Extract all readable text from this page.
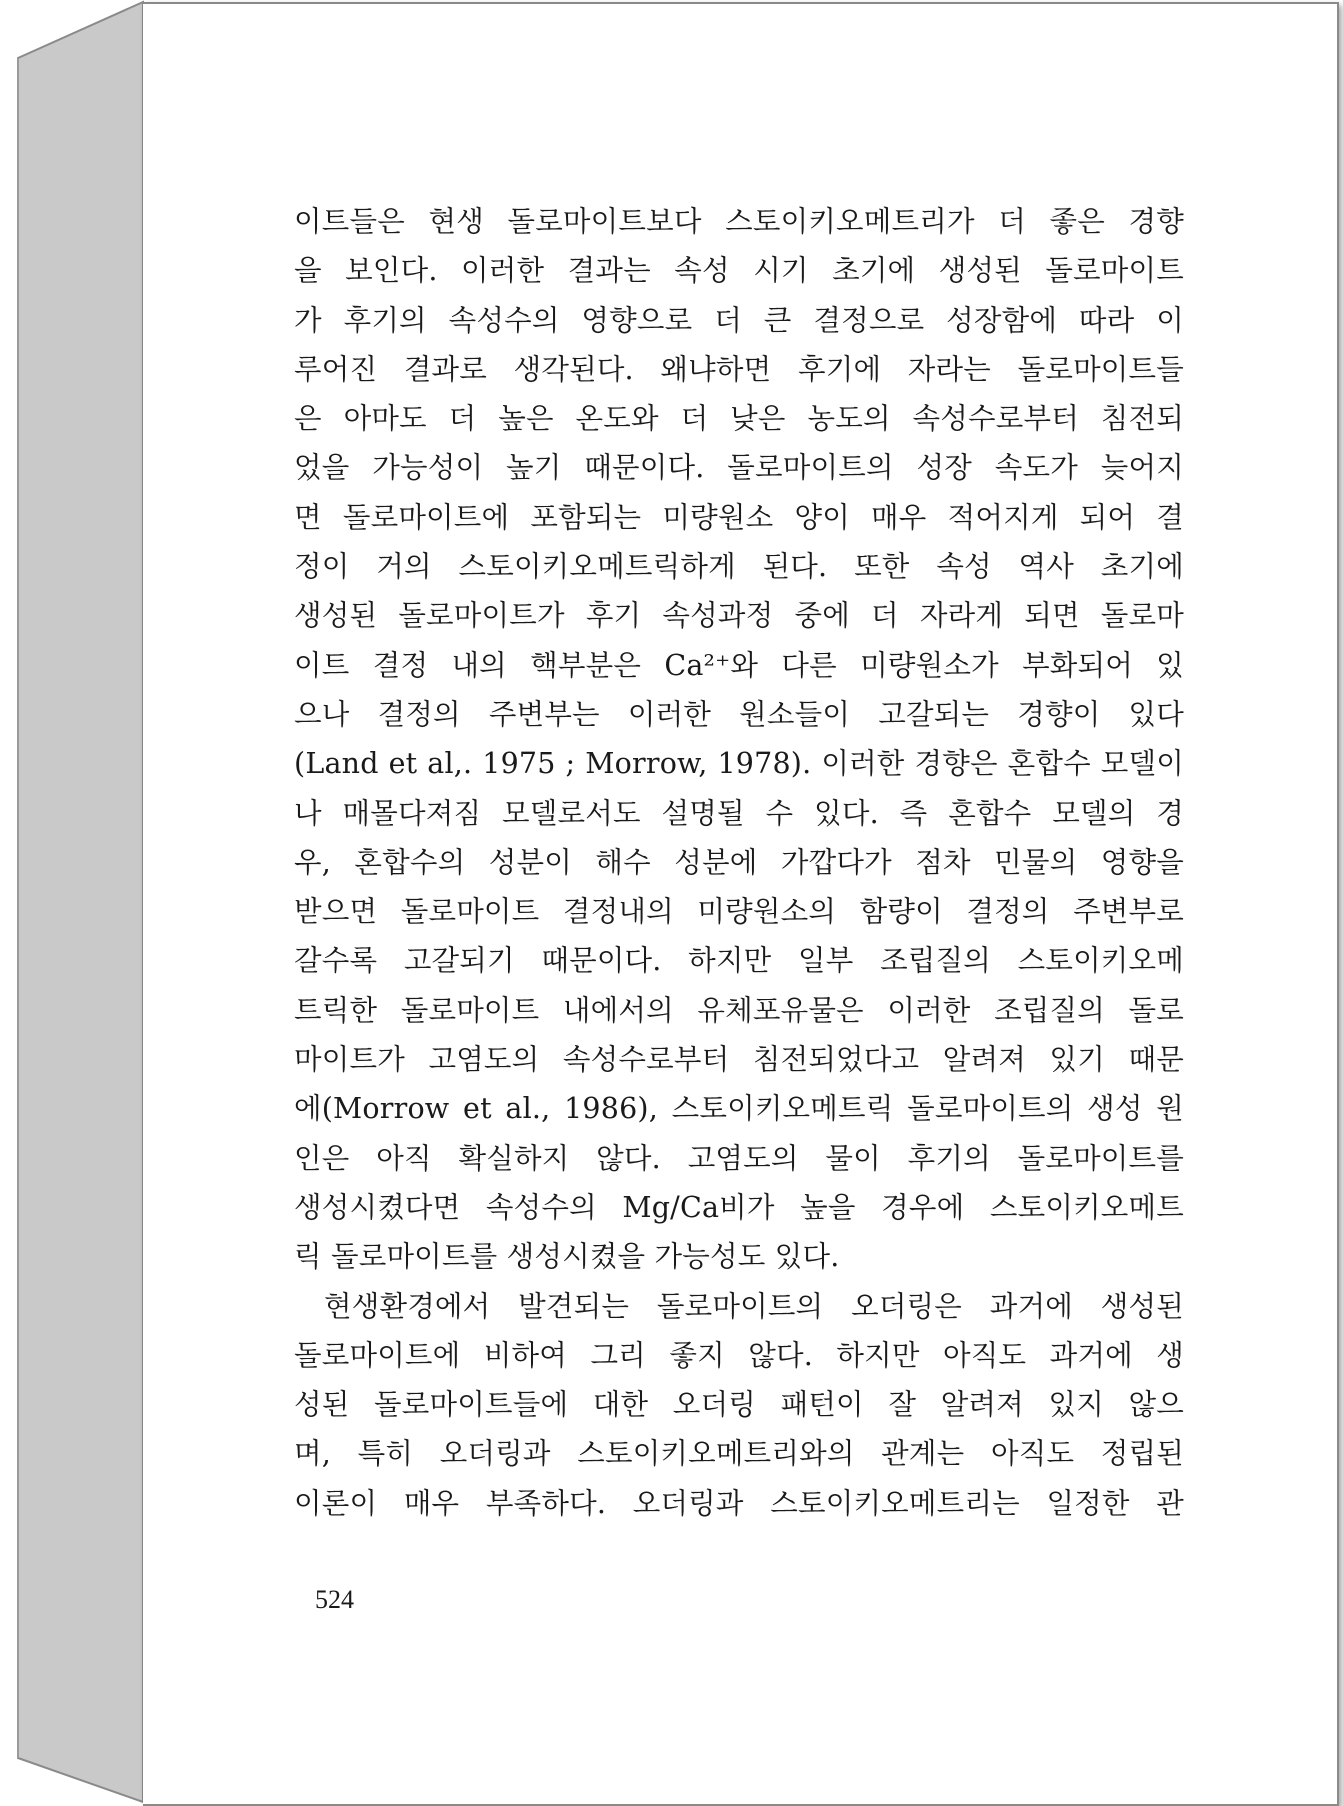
이트들은 현생 돌로마이트보다 스토이키오메트리가 더 좋은 경향
을 보인다. 이러한 결과는 속성 시기 초기에 생성된 돌로마이트
가 후기의 속성수의 영향으로 더 큰 결정으로 성장함에 따라 이
루어진 결과로 생각된다. 왜냐하면 후기에 자라는 돌로마이트들
은 아마도 더 높은 온도와 더 낮은 농도의 속성수로부터 침전되
었을 가능성이 높기 때문이다. 돌로마이트의 성장 속도가 늦어지
면 돌로마이트에 포함되는 미량원소 양이 매우 적어지게 되어 결
정이 거의 스토이키오메트릭하게 된다. 또한 속성 역사 초기에
생성된 돌로마이트가 후기 속성과정 중에 더 자라게 되면 돌로마
이트 결정 내의 핵부분은 Ca²⁺와 다른 미량원소가 부화되어 있
으나 결정의 주변부는 이러한 원소들이 고갈되는 경향이 있다
(Land et al,. 1975 ; Morrow, 1978). 이러한 경향은 혼합수 모델이
나 매몰다져짐 모델로서도 설명될 수 있다. 즉 혼합수 모델의 경
우, 혼합수의 성분이 해수 성분에 가깝다가 점차 민물의 영향을
받으면 돌로마이트 결정내의 미량원소의 함량이 결정의 주변부로
갈수록 고갈되기 때문이다. 하지만 일부 조립질의 스토이키오메
트릭한 돌로마이트 내에서의 유체포유물은 이러한 조립질의 돌로
마이트가 고염도의 속성수로부터 침전되었다고 알려져 있기 때문
에(Morrow et al., 1986), 스토이키오메트릭 돌로마이트의 생성 원
인은 아직 확실하지 않다. 고염도의 물이 후기의 돌로마이트를
생성시켰다면 속성수의 Mg/Ca비가 높을 경우에 스토이키오메트
릭 돌로마이트를 생성시켰을 가능성도 있다.
현생환경에서 발견되는 돌로마이트의 오더링은 과거에 생성된
돌로마이트에 비하여 그리 좋지 않다. 하지만 아직도 과거에 생
성된 돌로마이트들에 대한 오더링 패턴이 잘 알려져 있지 않으
며, 특히 오더링과 스토이키오메트리와의 관계는 아직도 정립된
이론이 매우 부족하다. 오더링과 스토이키오메트리는 일정한 관
524
